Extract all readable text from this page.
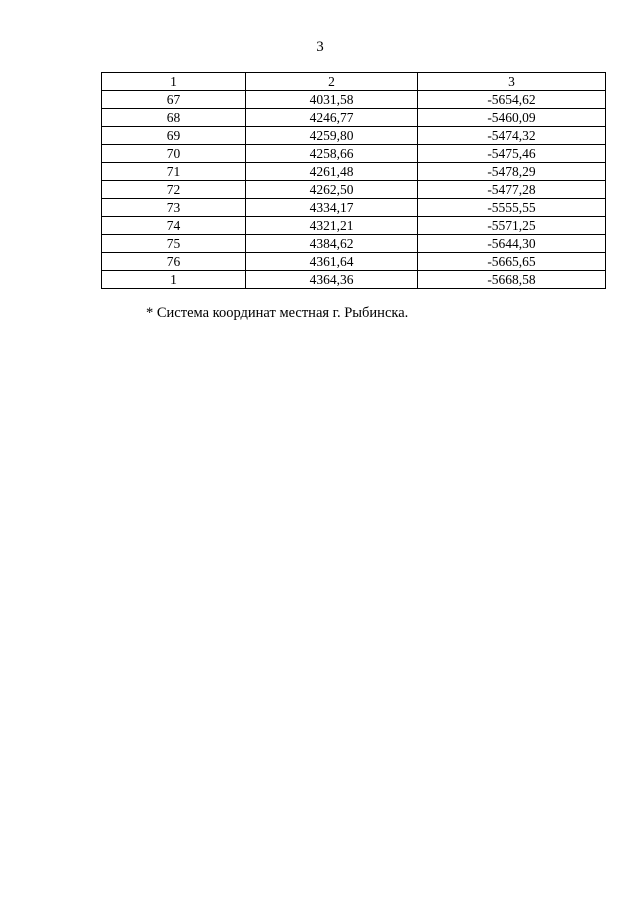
3
1	2	3
67	4031,58	-5654,62
68	4246,77	-5460,09
69	4259,80	-5474,32
70	4258,66	-5475,46
71	4261,48	-5478,29
72	4262,50	-5477,28
73	4334,17	-5555,55
74	4321,21	-5571,25
75	4384,62	-5644,30
76	4361,64	-5665,65
1	4364,36	-5668,58
* Система координат местная г. Рыбинска.
